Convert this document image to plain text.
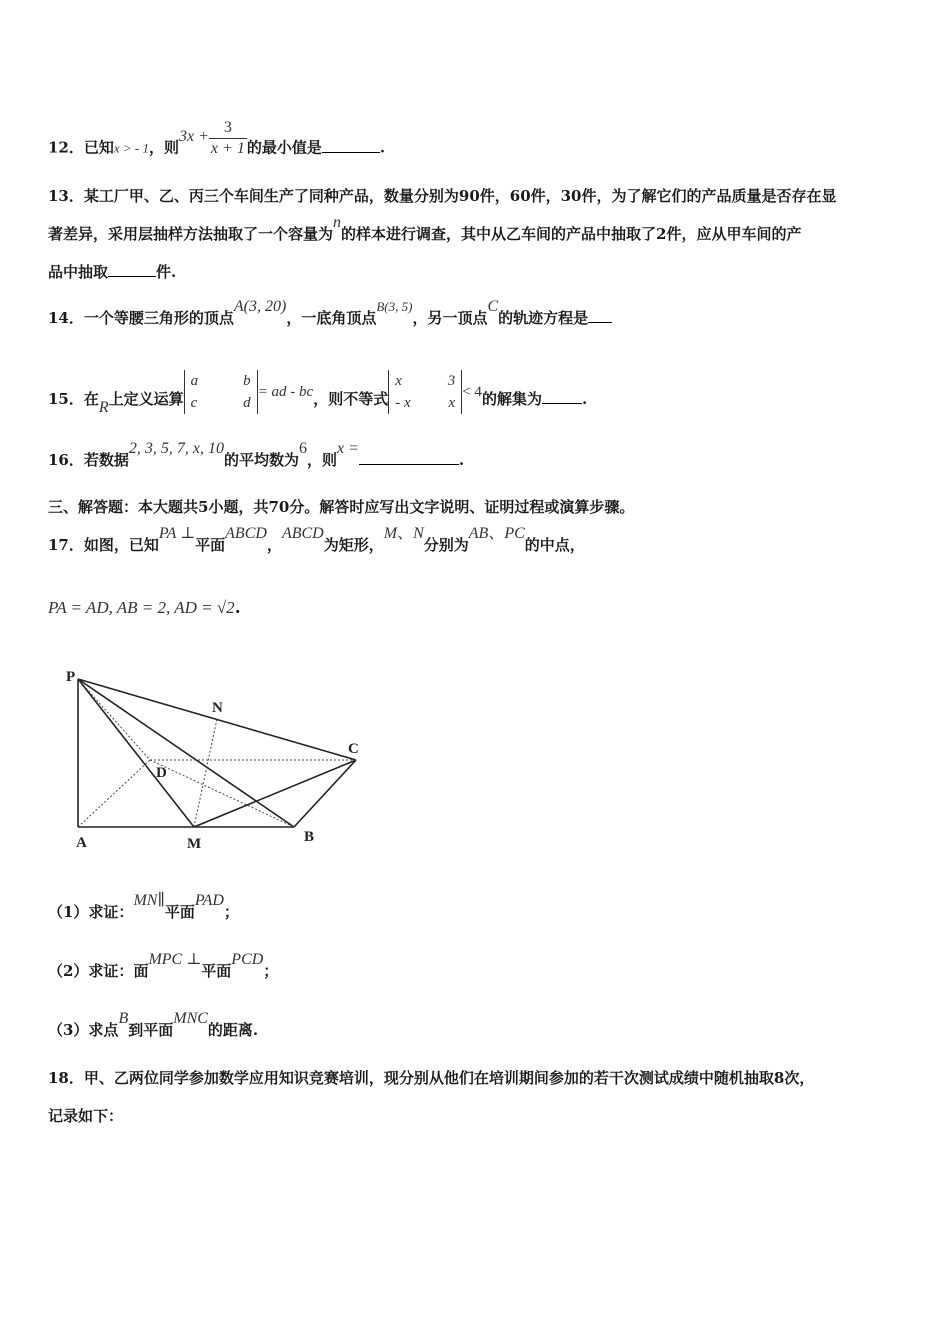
12．已知x > - 1，则$3x + \frac{3}{x + 1}$ 的最小值是	.
13．某工厂甲、乙、丙三个车间生产了同种产品，数量分别为90件，60件，30件，为了解它们的产品质量是否存在显
著差异，采用层抽样方法抽取了一个容量为n的样本进行调查，其中从乙车间的产品中抽取了2件，应从甲车间的产
品中抽取	件.
14．一个等腰三角形的顶点A(3, 20)，一底角顶点B(3, 5)，另一顶点C的轨迹方程是
15．在R上定义运算a	b
c	d= ad - bc，则不等式x	3
- x	x< 4的解集为	.
16．若数据2, 3, 5, 7, x, 10的平均数为6，则x =.
三、解答题：本大题共5小题，共70分。解答时应写出文字说明、证明过程或演算步骤。
17．如图，已知PA ⊥平面ABCD，ABCD为矩形，M、N分别为AB、PC的中点，
PA = AD, AB = 2, AD = √2.
P
N
C
D
A	M	B
（1）求证：MN∥平面PAD；
（2）求证：面MPC ⊥平面PCD；
（3）求点B到平面MNC的距离.
18．甲、乙两位同学参加数学应用知识竞赛培训，现分别从他们在培训期间参加的若干次测试成绩中随机抽取8次，
记录如下：
